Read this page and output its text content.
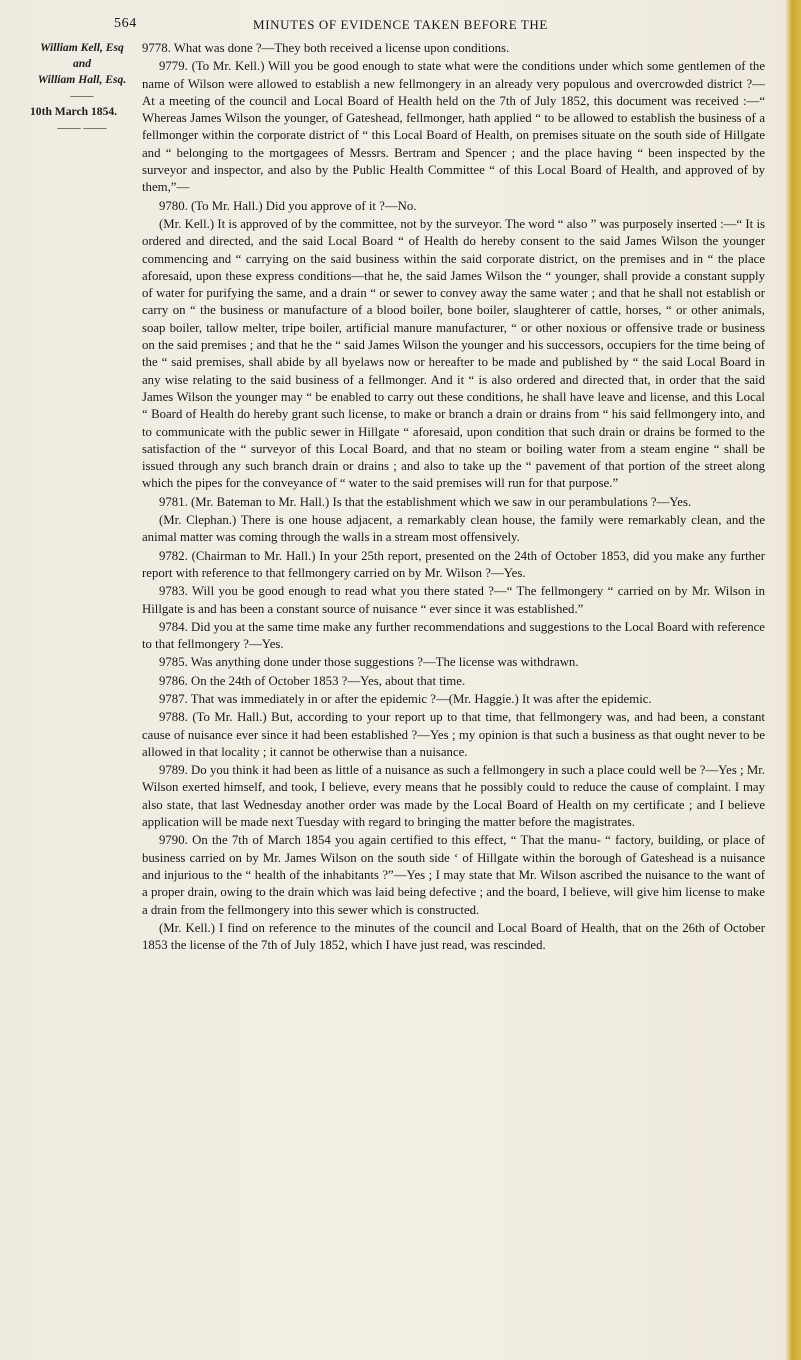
564	MINUTES OF EVIDENCE TAKEN BEFORE THE
William Kell, Esq
and
William Hall, Esq.
——
10th March 1854.
—— ——

9778. What was done ?—They both received a license upon conditions.

9779. (To Mr. Kell.) Will you be good enough to state what were the conditions under which some gentlemen of the name of Wilson were allowed to establish a new fellmongery in an already very populous and overcrowded district ?—At a meeting of the council and Local Board of Health held on the 7th of July 1852, this document was received :—“ Whereas James Wilson the younger, of Gateshead, fellmonger, hath applied “ to be allowed to establish the business of a fellmonger within the corporate district of “ this Local Board of Health, on premises situate on the south side of Hillgate and “ belonging to the mortgagees of Messrs. Bertram and Spencer ; and the place having “ been inspected by the surveyor and inspector, and also by the Public Health Committee “ of this Local Board of Health, and approved of by them,”—

9780. (To Mr. Hall.) Did you approve of it ?—No.

(Mr. Kell.) It is approved of by the committee, not by the surveyor. The word “ also ” was purposely inserted :—“ It is ordered and directed, and the said Local Board “ of Health do hereby consent to the said James Wilson the younger commencing and “ carrying on the said business within the said corporate district, on the premises and in “ the place aforesaid, upon these express conditions—that he, the said James Wilson the “ younger, shall provide a constant supply of water for purifying the same, and a drain “ or sewer to convey away the same water ; and that he shall not establish or carry on “ the business or manufacture of a blood boiler, bone boiler, slaughterer of cattle, horses, “ or other animals, soap boiler, tallow melter, tripe boiler, artificial manure manufacturer, “ or other noxious or offensive trade or business on the said premises ; and that he the “ said James Wilson the younger and his successors, occupiers for the time being of the “ said premises, shall abide by all byelaws now or hereafter to be made and published by “ the said Local Board in any wise relating to the said business of a fellmonger. And it “ is also ordered and directed that, in order that the said James Wilson the younger may “ be enabled to carry out these conditions, he shall have leave and license, and this Local “ Board of Health do hereby grant such license, to make or branch a drain or drains from “ his said fellmongery into, and to communicate with the public sewer in Hillgate “ aforesaid, upon condition that such drain or drains be formed to the satisfaction of the “ surveyor of this Local Board, and that no steam or boiling water from a steam engine “ shall be issued through any such branch drain or drains ; and also to take up the “ pavement of that portion of the street along which the pipes for the conveyance of “ water to the said premises will run for that purpose.”

9781. (Mr. Bateman to Mr. Hall.) Is that the establishment which we saw in our perambulations ?—Yes.

(Mr. Clephan.) There is one house adjacent, a remarkably clean house, the family were remarkably clean, and the animal matter was coming through the walls in a stream most offensively.

9782. (Chairman to Mr. Hall.) In your 25th report, presented on the 24th of October 1853, did you make any further report with reference to that fellmongery carried on by Mr. Wilson ?—Yes.

9783. Will you be good enough to read what you there stated ?—“ The fellmongery “ carried on by Mr. Wilson in Hillgate is and has been a constant source of nuisance “ ever since it was established.”

9784. Did you at the same time make any further recommendations and suggestions to the Local Board with reference to that fellmongery ?—Yes.

9785. Was anything done under those suggestions ?—The license was withdrawn.

9786. On the 24th of October 1853 ?—Yes, about that time.

9787. That was immediately in or after the epidemic ?—(Mr. Haggie.) It was after the epidemic.

9788. (To Mr. Hall.) But, according to your report up to that time, that fellmongery was, and had been, a constant cause of nuisance ever since it had been established ?—Yes ; my opinion is that such a business as that ought never to be allowed in that locality ; it cannot be otherwise than a nuisance.

9789. Do you think it had been as little of a nuisance as such a fellmongery in such a place could well be ?—Yes ; Mr. Wilson exerted himself, and took, I believe, every means that he possibly could to reduce the cause of complaint. I may also state, that last Wednesday another order was made by the Local Board of Health on my certificate ; and I believe application will be made next Tuesday with regard to bringing the matter before the magistrates.

9790. On the 7th of March 1854 you again certified to this effect, “ That the manu- “ factory, building, or place of business carried on by Mr. James Wilson on the south side ‘ of Hillgate within the borough of Gateshead is a nuisance and injurious to the “ health of the inhabitants ?”—Yes ; I may state that Mr. Wilson ascribed the nuisance to the want of a proper drain, owing to the drain which was laid being defective ; and the board, I believe, will give him license to make a drain from the fellmongery into this sewer which is constructed.

(Mr. Kell.) I find on reference to the minutes of the council and Local Board of Health, that on the 26th of October 1853 the license of the 7th of July 1852, which I have just read, was rescinded.
